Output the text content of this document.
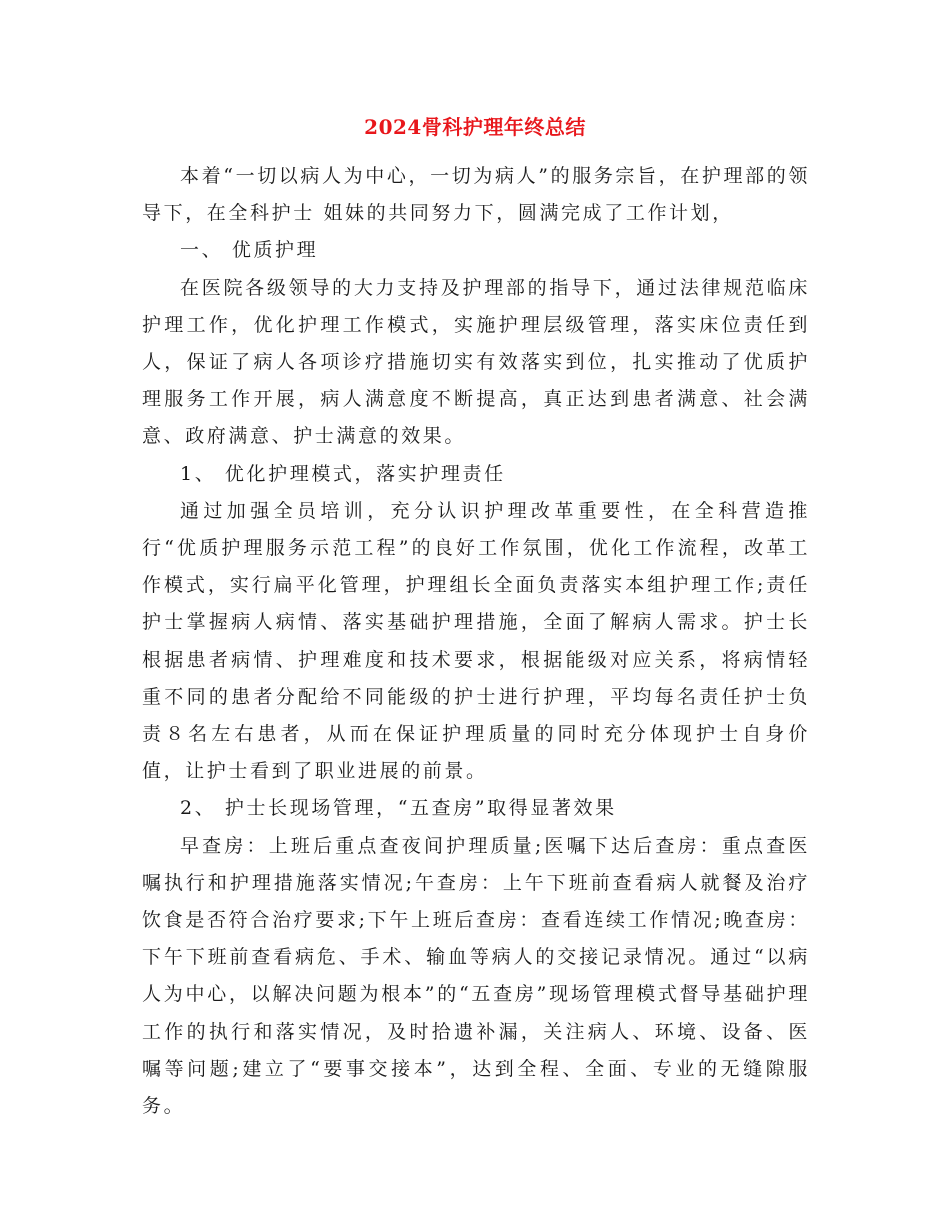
2024骨科护理年终总结

本着“一切以病人为中心，一切为病人”的服务宗旨，在护理部的领导下，在全科护士 姐妹的共同努力下，圆满完成了工作计划，

一、 优质护理

在医院各级领导的大力支持及护理部的指导下，通过法律规范临床护理工作，优化护理工作模式，实施护理层级管理，落实床位责任到人，保证了病人各项诊疗措施切实有效落实到位，扎实推动了优质护理服务工作开展，病人满意度不断提高，真正达到患者满意、社会满意、政府满意、护士满意的效果。

1、 优化护理模式，落实护理责任

通过加强全员培训，充分认识护理改革重要性，在全科营造推行“优质护理服务示范工程”的良好工作氛围，优化工作流程，改革工作模式，实行扁平化管理，护理组长全面负责落实本组护理工作;责任护士掌握病人病情、落实基础护理措施，全面了解病人需求。护士长根据患者病情、护理难度和技术要求，根据能级对应关系，将病情轻重不同的患者分配给不同能级的护士进行护理，平均每名责任护士负责８名左右患者，从而在保证护理质量的同时充分体现护士自身价值，让护士看到了职业进展的前景。

2、 护士长现场管理，“五查房”取得显著效果

早查房：上班后重点查夜间护理质量;医嘱下达后查房：重点查医嘱执行和护理措施落实情况;午查房：上午下班前查看病人就餐及治疗饮食是否符合治疗要求;下午上班后查房：查看连续工作情况;晚查房：下午下班前查看病危、手术、输血等病人的交接记录情况。通过“以病人为中心，以解决问题为根本”的“五查房”现场管理模式督导基础护理工作的执行和落实情况，及时拾遗补漏，关注病人、环境、设备、医嘱等问题;建立了“要事交接本”，达到全程、全面、专业的无缝隙服务。
